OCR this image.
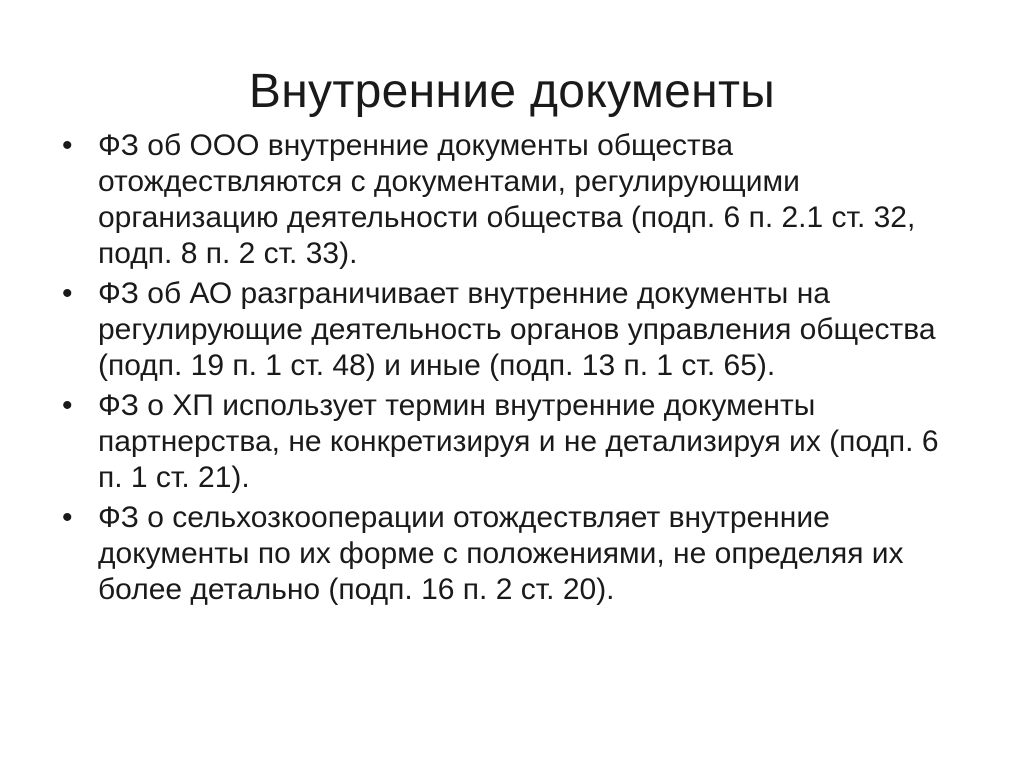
Внутренние документы
• ФЗ об ООО внутренние документы общества отождествляются с документами, регулирующими организацию деятельности общества (подп. 6 п. 2.1 ст. 32, подп. 8 п. 2 ст. 33).
• ФЗ об АО разграничивает внутренние документы на регулирующие деятельность органов управления общества (подп. 19 п. 1 ст. 48) и иные (подп. 13 п. 1 ст. 65).
• ФЗ о ХП использует термин внутренние документы партнерства, не конкретизируя и не детализируя их (подп. 6 п. 1 ст. 21).
• ФЗ о сельхозкооперации отождествляет внутренние документы по их форме с положениями, не определяя их более детально (подп. 16 п. 2 ст. 20).
